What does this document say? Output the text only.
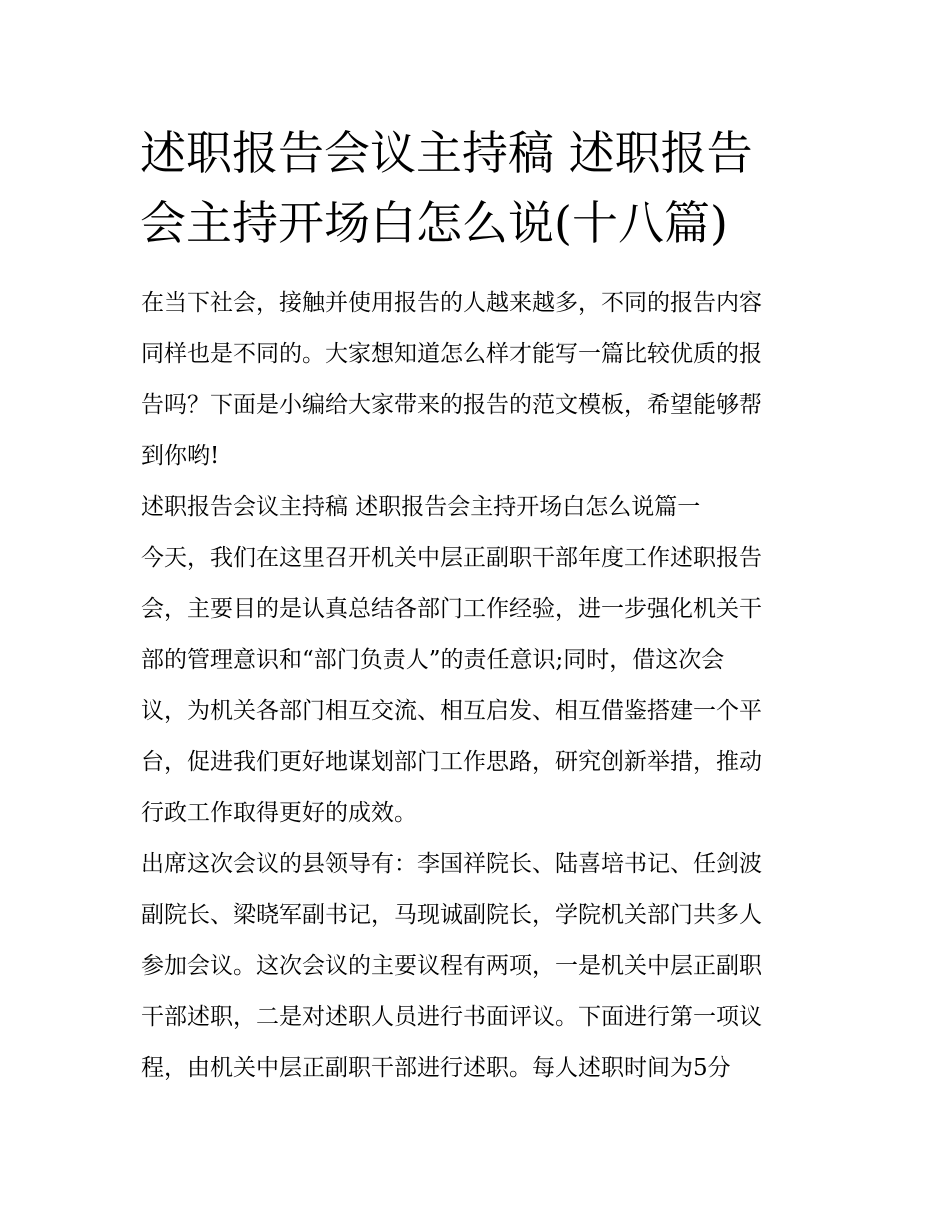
述职报告会议主持稿 述职报告
会主持开场白怎么说(十八篇)
在当下社会，接触并使用报告的人越来越多，不同的报告内容
同样也是不同的。大家想知道怎么样才能写一篇比较优质的报
告吗？下面是小编给大家带来的报告的范文模板，希望能够帮
到你哟!
述职报告会议主持稿 述职报告会主持开场白怎么说篇一
今天，我们在这里召开机关中层正副职干部年度工作述职报告
会，主要目的是认真总结各部门工作经验，进一步强化机关干
部的管理意识和“部门负责人”的责任意识;同时，借这次会
议，为机关各部门相互交流、相互启发、相互借鉴搭建一个平
台，促进我们更好地谋划部门工作思路，研究创新举措，推动
行政工作取得更好的成效。
出席这次会议的县领导有：李国祥院长、陆喜培书记、任剑波
副院长、梁晓军副书记，马现诚副院长，学院机关部门共多人
参加会议。这次会议的主要议程有两项，一是机关中层正副职
干部述职，二是对述职人员进行书面评议。下面进行第一项议
程，由机关中层正副职干部进行述职。每人述职时间为5分
